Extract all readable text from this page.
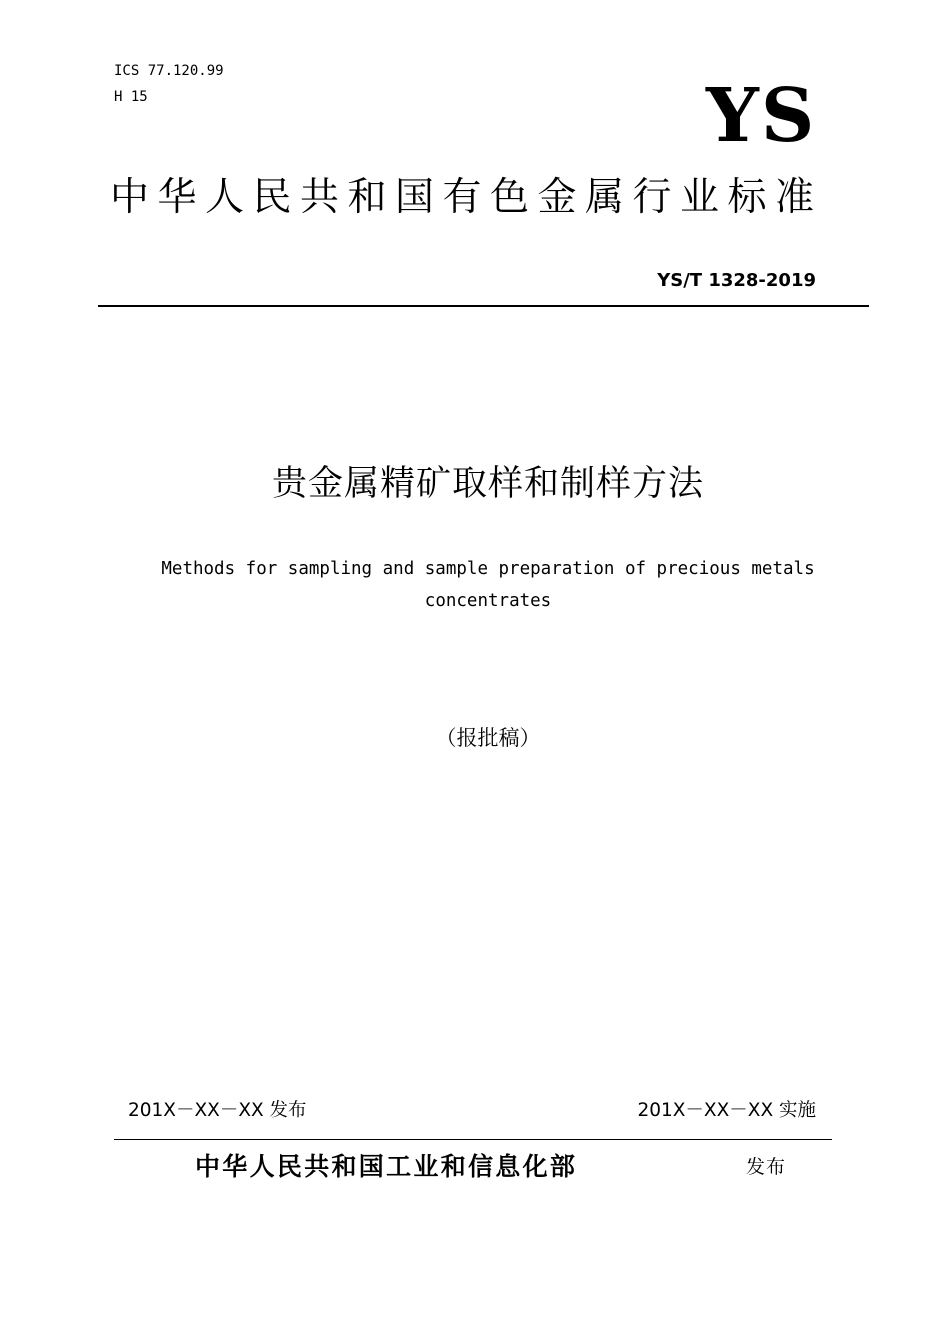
ICS 77.120.99
H 15	YS
中华人民共和国有色金属行业标准
YS/T 1328-2019
贵金属精矿取样和制样方法
Methods for sampling and sample preparation of precious metals
concentrates
（报批稿）
201X－XX－XX 发布	201X－XX－XX 实施
中华人民共和国工业和信息化部	发布
